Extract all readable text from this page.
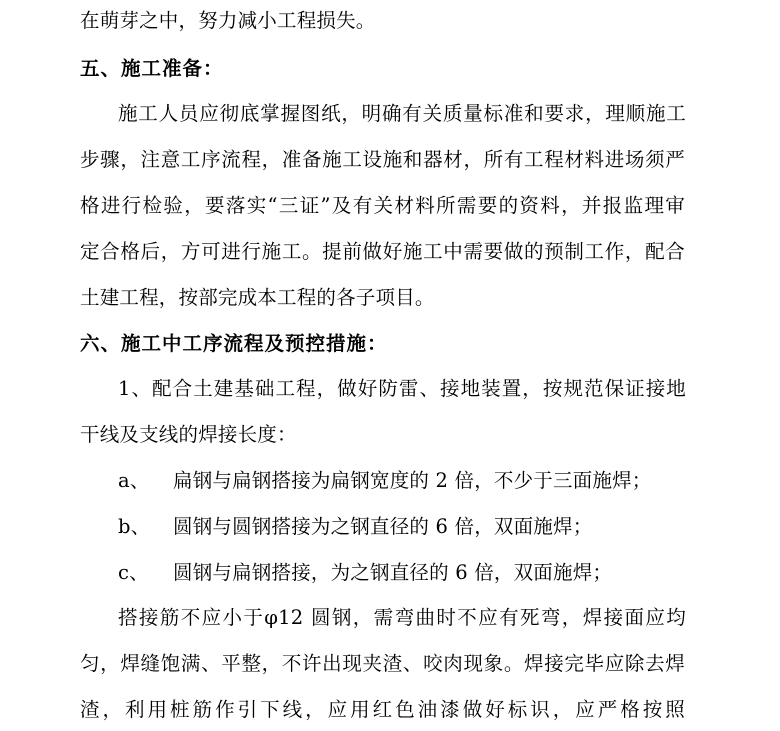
在萌芽之中，努力减小工程损失。
五、施工准备：
施工人员应彻底掌握图纸，明确有关质量标准和要求，理顺施工
步骤，注意工序流程，准备施工设施和器材，所有工程材料进场须严
格进行检验，要落实“三证”及有关材料所需要的资料，并报监理审
定合格后，方可进行施工。提前做好施工中需要做的预制工作，配合
土建工程，按部完成本工程的各子项目。
六、施工中工序流程及预控措施：
1、配合土建基础工程，做好防雷、接地装置，按规范保证接地
干线及支线的焊接长度：
a、 扁钢与扁钢搭接为扁钢宽度的 2 倍，不少于三面施焊；
b、 圆钢与圆钢搭接为之钢直径的 6 倍，双面施焊；
c、 圆钢与扁钢搭接，为之钢直径的 6 倍，双面施焊；
搭接筋不应小于φ12 圆钢，需弯曲时不应有死弯，焊接面应均
匀，焊缝饱满、平整，不许出现夹渣、咬肉现象。焊接完毕应除去焊
渣，利用桩筋作引下线，应用红色油漆做好标识，应严格按照
